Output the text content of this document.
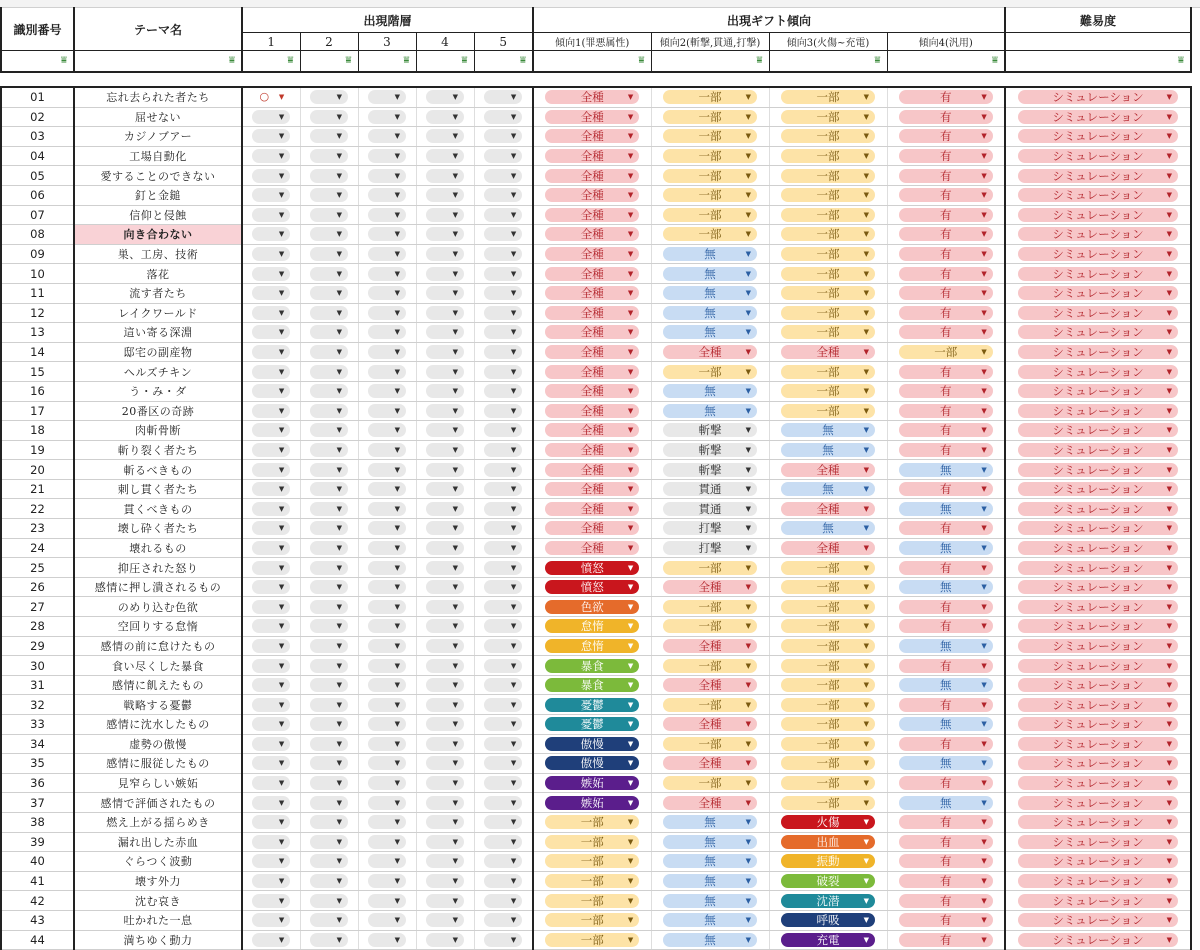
識別番号	テーマ名	出現階層					出現ギフト傾向				難易度
		1	2	3	4	5	傾向1(罪悪属性)	傾向2(斬撃,貫通,打撃)	傾向3(火傷~充電)	傾向4(汎用)	

⩸	⩸	⩸	⩸	⩸	⩸	⩸	⩸	⩸	⩸	⩸	⩸

01	忘れ去られた者たち	○ ▼	▼	▼	▼	▼	全種 ▼	一部 ▼	一部 ▼	有 ▼	シミュレーション ▼

02	屈せない	▼	▼	▼	▼	▼	全種 ▼	一部 ▼	一部 ▼	有 ▼	シミュレーション ▼

03	カジノブアー	▼	▼	▼	▼	▼	全種 ▼	一部 ▼	一部 ▼	有 ▼	シミュレーション ▼

04	工場自動化	▼	▼	▼	▼	▼	全種 ▼	一部 ▼	一部 ▼	有 ▼	シミュレーション ▼

05	愛することのできない	▼	▼	▼	▼	▼	全種 ▼	一部 ▼	一部 ▼	有 ▼	シミュレーション ▼

06	釘と金鎚	▼	▼	▼	▼	▼	全種 ▼	一部 ▼	一部 ▼	有 ▼	シミュレーション ▼

07	信仰と侵蝕	▼	▼	▼	▼	▼	全種 ▼	一部 ▼	一部 ▼	有 ▼	シミュレーション ▼

08	向き合わない	▼	▼	▼	▼	▼	全種 ▼	一部 ▼	一部 ▼	有 ▼	シミュレーション ▼

09	巣、工房、技術	▼	▼	▼	▼	▼	全種 ▼	無 ▼	一部 ▼	有 ▼	シミュレーション ▼

10	落花	▼	▼	▼	▼	▼	全種 ▼	無 ▼	一部 ▼	有 ▼	シミュレーション ▼

11	流す者たち	▼	▼	▼	▼	▼	全種 ▼	無 ▼	一部 ▼	有 ▼	シミュレーション ▼

12	レイクワールド	▼	▼	▼	▼	▼	全種 ▼	無 ▼	一部 ▼	有 ▼	シミュレーション ▼

13	這い寄る深淵	▼	▼	▼	▼	▼	全種 ▼	無 ▼	一部 ▼	有 ▼	シミュレーション ▼

14	邸宅の副産物	▼	▼	▼	▼	▼	全種 ▼	全種 ▼	全種 ▼	一部 ▼	シミュレーション ▼

15	ヘルズチキン	▼	▼	▼	▼	▼	全種 ▼	一部 ▼	一部 ▼	有 ▼	シミュレーション ▼

16	う・み・ダ	▼	▼	▼	▼	▼	全種 ▼	無 ▼	一部 ▼	有 ▼	シミュレーション ▼

17	20番区の奇跡	▼	▼	▼	▼	▼	全種 ▼	無 ▼	一部 ▼	有 ▼	シミュレーション ▼

18	肉斬骨断	▼	▼	▼	▼	▼	全種 ▼	斬撃 ▼	無 ▼	有 ▼	シミュレーション ▼

19	斬り裂く者たち	▼	▼	▼	▼	▼	全種 ▼	斬撃 ▼	無 ▼	有 ▼	シミュレーション ▼

20	斬るべきもの	▼	▼	▼	▼	▼	全種 ▼	斬撃 ▼	全種 ▼	無 ▼	シミュレーション ▼

21	刺し貫く者たち	▼	▼	▼	▼	▼	全種 ▼	貫通 ▼	無 ▼	有 ▼	シミュレーション ▼

22	貫くべきもの	▼	▼	▼	▼	▼	全種 ▼	貫通 ▼	全種 ▼	無 ▼	シミュレーション ▼

23	壊し砕く者たち	▼	▼	▼	▼	▼	全種 ▼	打撃 ▼	無 ▼	有 ▼	シミュレーション ▼

24	壊れるもの	▼	▼	▼	▼	▼	全種 ▼	打撃 ▼	全種 ▼	無 ▼	シミュレーション ▼

25	抑圧された怒り	▼	▼	▼	▼	▼	憤怒 ▼	一部 ▼	一部 ▼	有 ▼	シミュレーション ▼

26	感情に押し潰されるもの	▼	▼	▼	▼	▼	憤怒 ▼	全種 ▼	一部 ▼	無 ▼	シミュレーション ▼

27	のめり込む色欲	▼	▼	▼	▼	▼	色欲 ▼	一部 ▼	一部 ▼	有 ▼	シミュレーション ▼

28	空回りする怠惰	▼	▼	▼	▼	▼	怠惰 ▼	一部 ▼	一部 ▼	有 ▼	シミュレーション ▼

29	感情の前に怠けたもの	▼	▼	▼	▼	▼	怠惰 ▼	全種 ▼	一部 ▼	無 ▼	シミュレーション ▼

30	食い尽くした暴食	▼	▼	▼	▼	▼	暴食 ▼	一部 ▼	一部 ▼	有 ▼	シミュレーション ▼

31	感情に飢えたもの	▼	▼	▼	▼	▼	暴食 ▼	全種 ▼	一部 ▼	無 ▼	シミュレーション ▼

32	戦略する憂鬱	▼	▼	▼	▼	▼	憂鬱 ▼	一部 ▼	一部 ▼	有 ▼	シミュレーション ▼

33	感情に沈水したもの	▼	▼	▼	▼	▼	憂鬱 ▼	全種 ▼	一部 ▼	無 ▼	シミュレーション ▼

34	虚勢の傲慢	▼	▼	▼	▼	▼	傲慢 ▼	一部 ▼	一部 ▼	有 ▼	シミュレーション ▼

35	感情に服従したもの	▼	▼	▼	▼	▼	傲慢 ▼	全種 ▼	一部 ▼	無 ▼	シミュレーション ▼

36	見窄らしい嫉妬	▼	▼	▼	▼	▼	嫉妬 ▼	一部 ▼	一部 ▼	有 ▼	シミュレーション ▼

37	感情で評価されたもの	▼	▼	▼	▼	▼	嫉妬 ▼	全種 ▼	一部 ▼	無 ▼	シミュレーション ▼

38	燃え上がる揺らめき	▼	▼	▼	▼	▼	一部 ▼	無 ▼	火傷 ▼	有 ▼	シミュレーション ▼

39	漏れ出した赤血	▼	▼	▼	▼	▼	一部 ▼	無 ▼	出血 ▼	有 ▼	シミュレーション ▼

40	ぐらつく波動	▼	▼	▼	▼	▼	一部 ▼	無 ▼	振動 ▼	有 ▼	シミュレーション ▼

41	壊す外力	▼	▼	▼	▼	▼	一部 ▼	無 ▼	破裂 ▼	有 ▼	シミュレーション ▼

42	沈む哀き	▼	▼	▼	▼	▼	一部 ▼	無 ▼	沈潜 ▼	有 ▼	シミュレーション ▼

43	吐かれた一息	▼	▼	▼	▼	▼	一部 ▼	無 ▼	呼吸 ▼	有 ▼	シミュレーション ▼

44	満ちゆく動力	▼	▼	▼	▼	▼	一部 ▼	無 ▼	充電 ▼	有 ▼	シミュレーション ▼
